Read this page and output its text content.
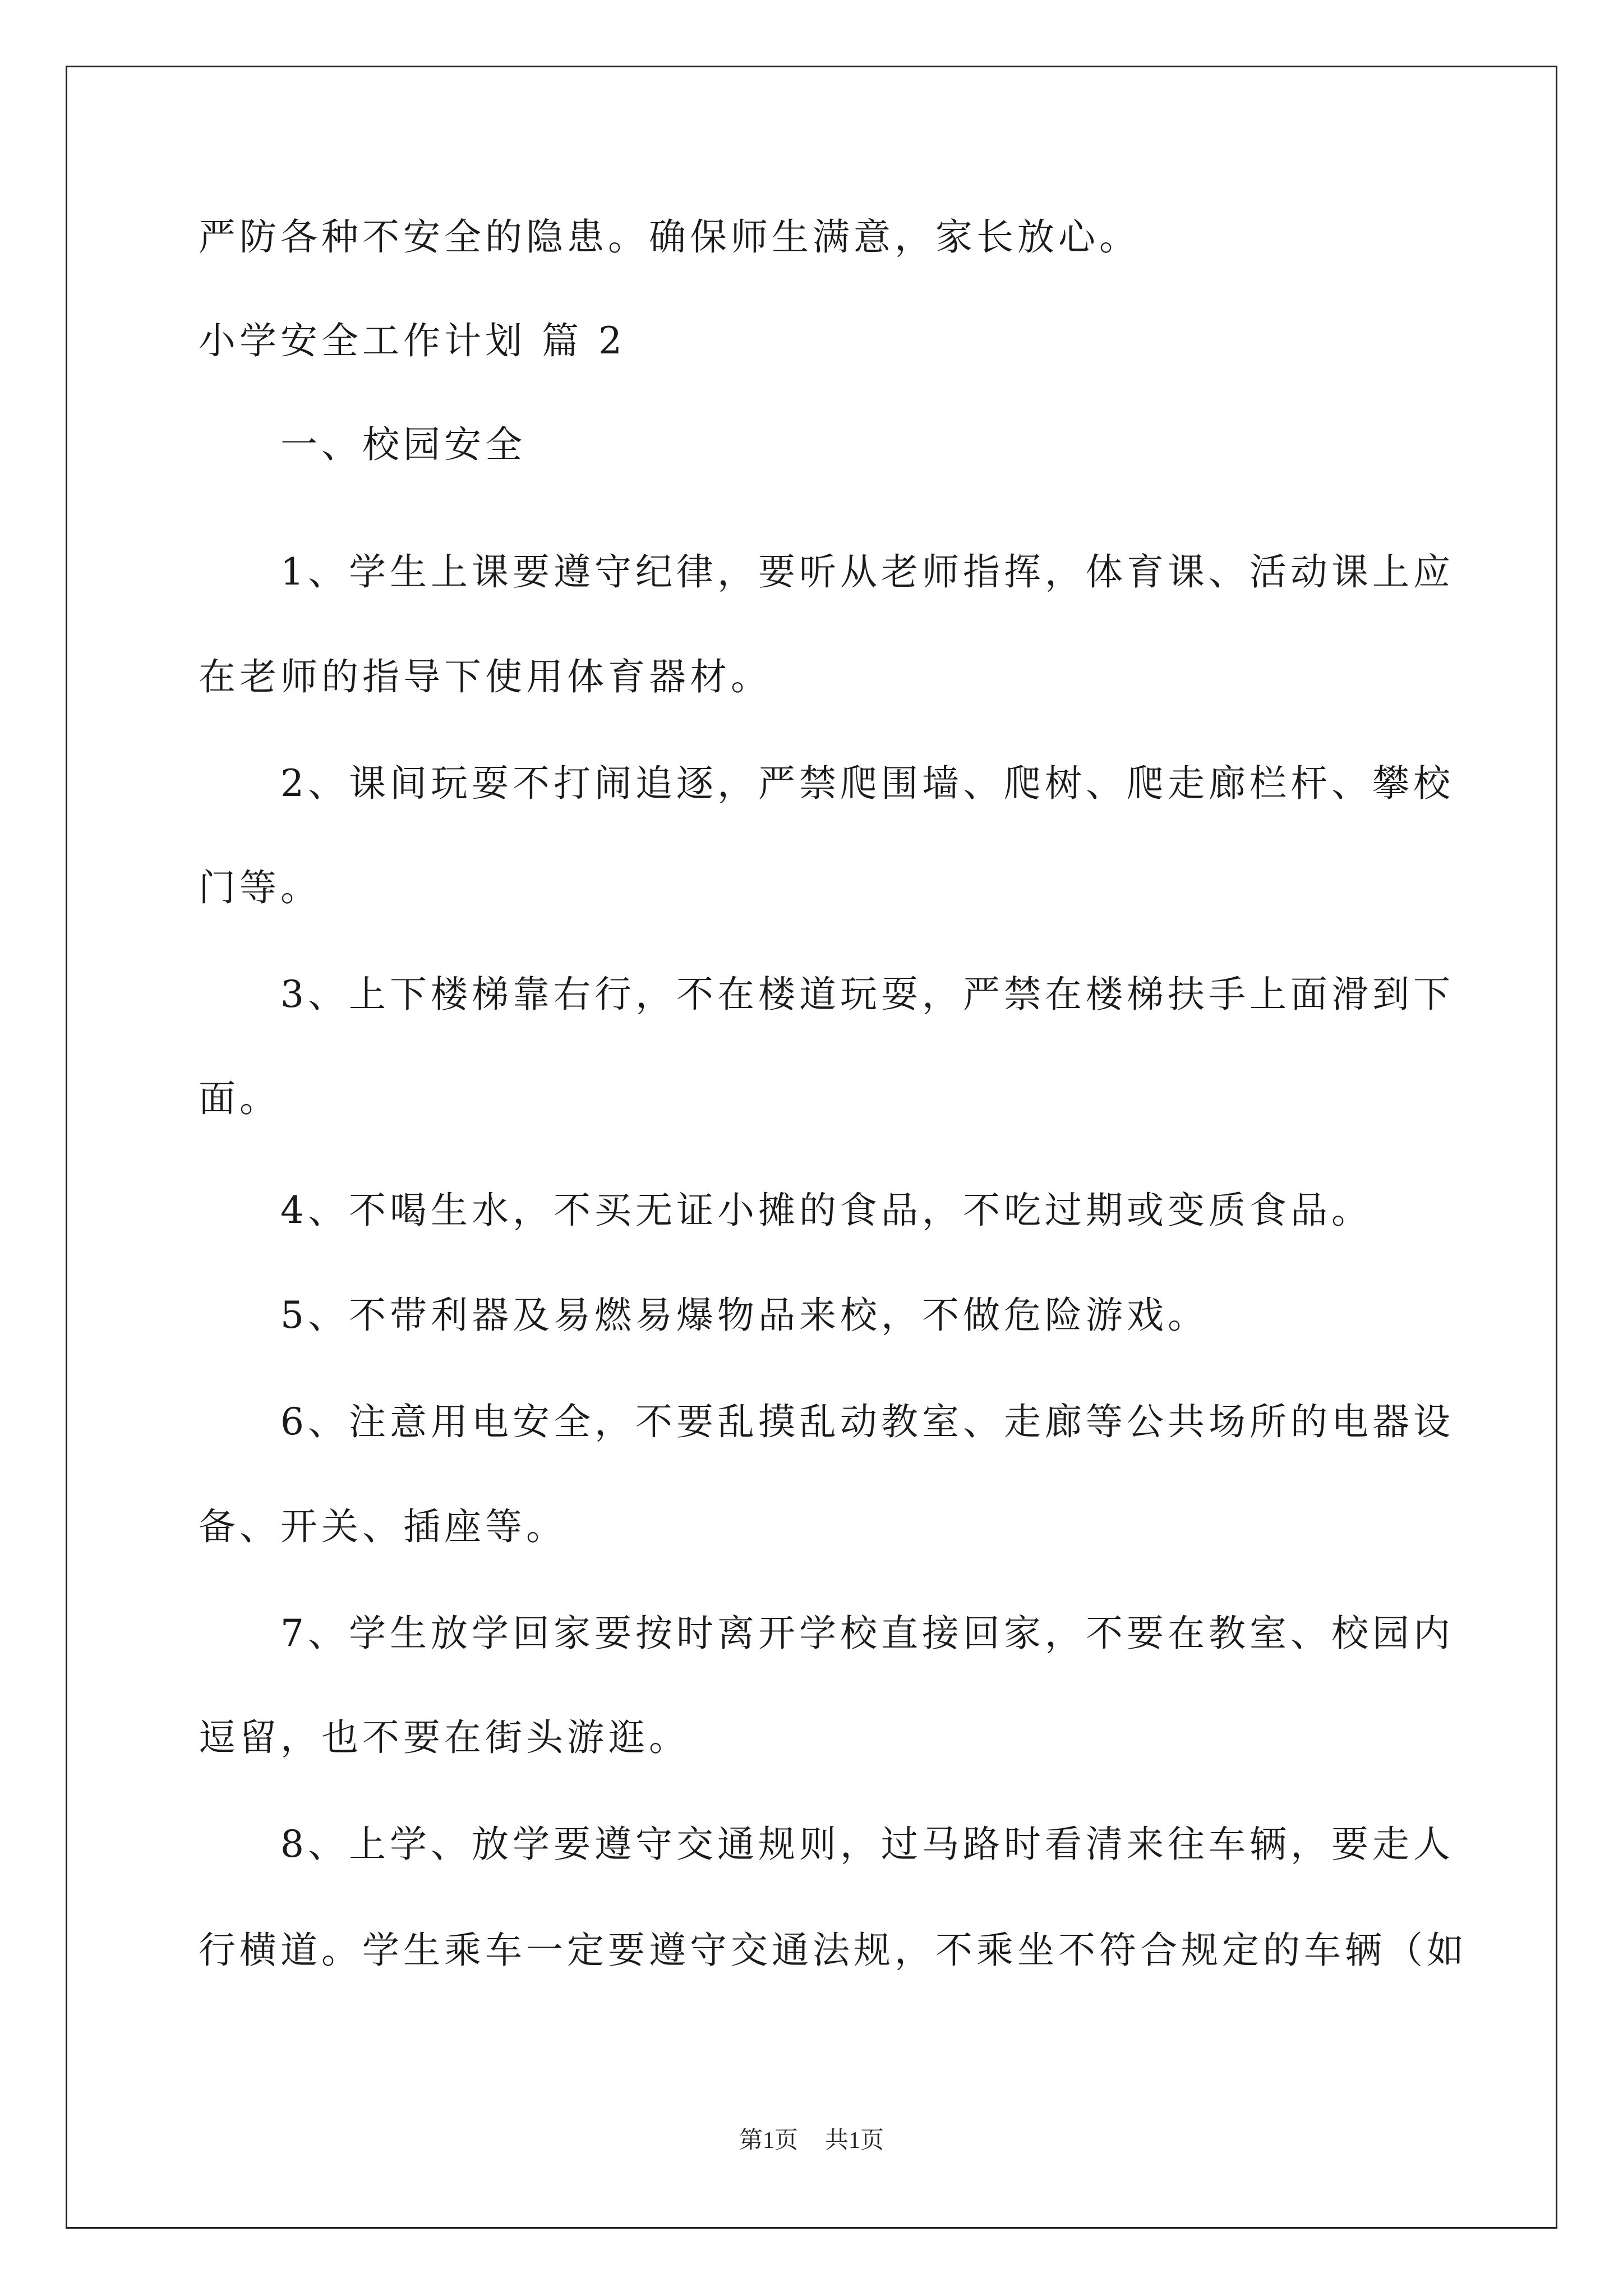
严防各种不安全的隐患。确保师生满意，家长放心。
小学安全工作计划 篇 2
一、校园安全
1、学生上课要遵守纪律，要听从老师指挥，体育课、活动课上应
在老师的指导下使用体育器材。
2、课间玩耍不打闹追逐，严禁爬围墙、爬树、爬走廊栏杆、攀校
门等。
3、上下楼梯靠右行，不在楼道玩耍，严禁在楼梯扶手上面滑到下
面。
4、不喝生水，不买无证小摊的食品，不吃过期或变质食品。
5、不带利器及易燃易爆物品来校，不做危险游戏。
6、注意用电安全，不要乱摸乱动教室、走廊等公共场所的电器设
备、开关、插座等。
7、学生放学回家要按时离开学校直接回家，不要在教室、校园内
逗留，也不要在街头游逛。
8、上学、放学要遵守交通规则，过马路时看清来往车辆，要走人
行横道。学生乘车一定要遵守交通法规，不乘坐不符合规定的车辆（如
第1页 共1页
